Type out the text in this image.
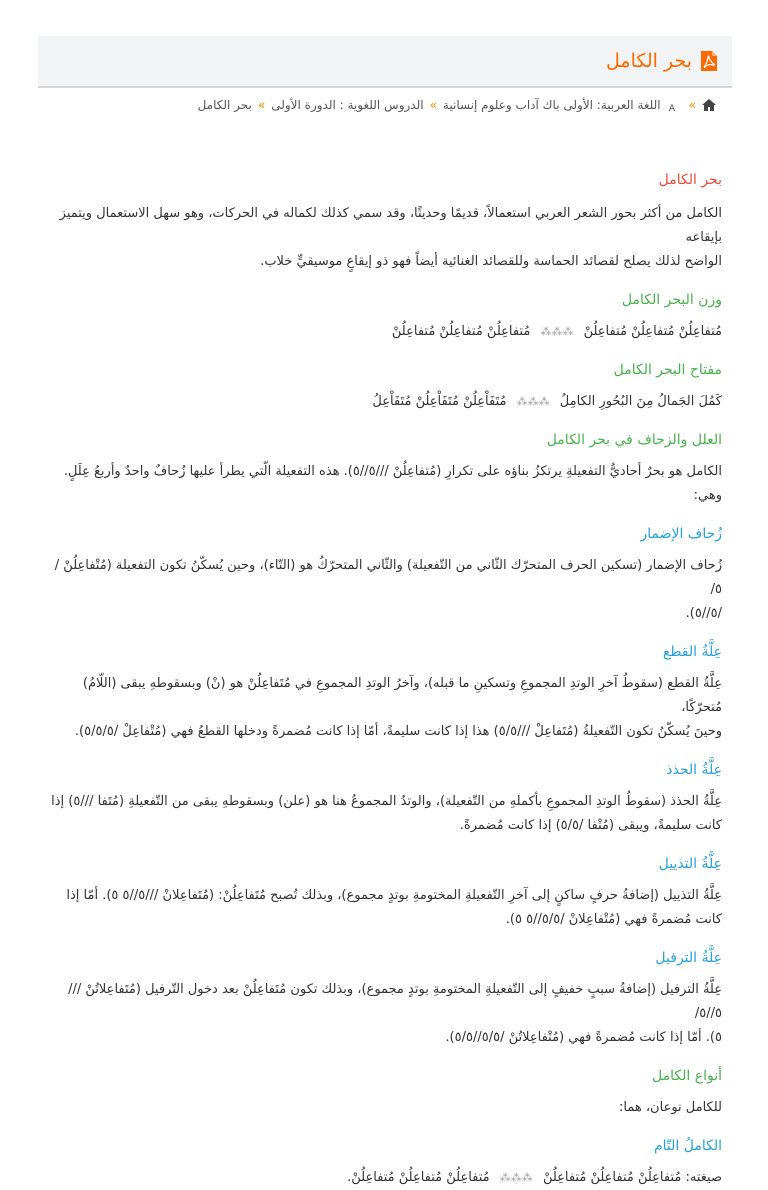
بحر الكامل
»
A
اللغة العربية: الأولى باك آداب وعلوم إنسانية
»
الدروس اللغوية : الدورة الأولى
»
بحر الكامل
بحر الكامل

الكامل من أكثر بحور الشعر العربي استعمالاً، قديمًا وحديثًا، وقد سمي كذلك لكماله في الحركات، وهو سهل الاستعمال ويتميز بإيقاعه
الواضح لذلك يصلح لقصائد الحماسة وللقصائد الغنائية أيضاً فهو ذو إيقاعٍ موسيقيٍّ خلاب.

وزن البحر الكامل

مُتفاعِلُنْ مُتفاعِلُنْ مُتفاعِلُنْ ⁂⁂⁂ مُتفاعِلُنْ مُتفاعِلُنْ مُتفاعِلُنْ

مفتاح البحر الكامل

كَمُلَ الجَمالُ مِنَ البُحُورِ الكامِلُ ⁂⁂⁂ مُتَفَاْعِلُنْ مُتَفَاْعِلُنْ مُتَفَاْعِلُ

العلل والزحاف في بحر الكامل

الكامل هو بحرٌ أحاديُّ التفعيلةِ يرتكزُ بناؤه على تكرارِ (مُتفاعِلُنْ ///٥//٥). هذه التفعيلة الّتي يطرأ عليها زُحافٌ واحدٌ وأربعُ عِلَلٍ. وهي:

زُحاف الإضمار

زُحاف الإضمار (تسكين الحرف المتحرّك الثّاني من التّفعيلة) والثّاني المتحرّكُ هو (التّاء)، وحين يُسكّنُ تكون التفعيلة (مُتْفاعِلُنْ /٥/
/٥//٥).

عِلَّةُ القطع

عِلَّةُ القطع (سقوطُ آخرِ الوتدِ المجموعِ وتسكينِ ما قبله)، وآخرُ الوتدِ المجموعِ في مُتَفاعِلُنْ هو (نْ) وبسقوطهِ يبقى (اللّامُ) مُتحرّكًا،
وحينَ يُسكّنُ تكون التّفعيلةُ (مُتَفاعِلْ ///٥/٥) هذا إذا كانت سليمةً، أمّا إذا كانت مُضمرةً ودخلها القطعُ فهي (مُتْفاعِلْ /٥/٥/٥).

عِلَّةُ الحذذ

عِلَّةُ الحذذ (سقوطُ الوتدِ المجموعِ بأكملهِ من التّفعيلة)، والوتدُ المجموعُ هنا هو (علن) وبسقوطهِ يبقى من التّفعيلةِ (مُتَفا ///٥) إذا
كانت سليمةً، ويبقى (مُتْفا /٥/٥) إذا كانت مُضمرةً.

عِلَّةُ التذييل

عِلَّةُ التذييل (إضافةُ حرفٍ ساكنٍ إلى آخرِ التّفعيلةِ المختومةِ بوتدٍ مجموع)، وبذلك تُصبح مُتَفاعِلُنْ: (مُتَفاعِلانْ ///٥//٥ ٥). أمّا إذا
كانت مُضمرةً فهي (مُتْفاعِلانْ /٥/٥//٥ ٥).

عِلَّةُ الترفيل

عِلَّةُ الترفيل (إضافةُ سببٍ خفيفٍ إلى التّفعيلةِ المختومةِ بوتدٍ مجموع)، وبذلك تكون مُتَفاعِلُنْ بعد دخول التّرفيل (مُتَفاعِلاتُنْ ///٥//٥/
٥). أمّا إذا كانت مُضمرةً فهي (مُتْفاعِلاتُنْ /٥/٥//٥/٥).

أنواع الكامل

للكامل نوعان، هما:

الكاملُ التّام

صيغته: مُتفاعِلُنْ مُتفاعِلُنْ مُتفاعِلُنْ ⁂⁂⁂ مُتفاعِلُنْ مُتفاعِلُنْ مُتفاعِلُنْ.
